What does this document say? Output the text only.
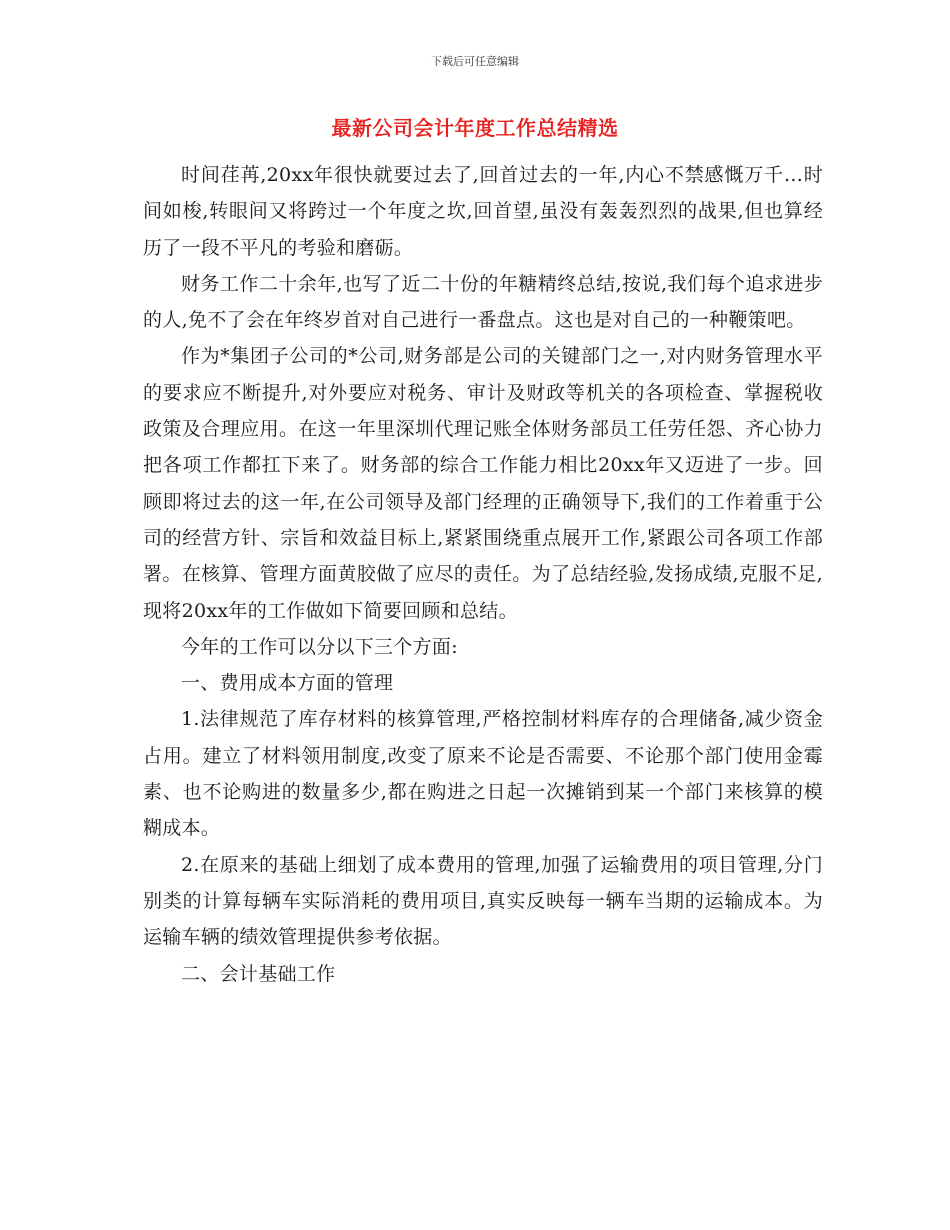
下载后可任意编辑
最新公司会计年度工作总结精选

时间荏苒,20xx年很快就要过去了,回首过去的一年,内心不禁感慨万千…时间如梭,转眼间又将跨过一个年度之坎,回首望,虽没有轰轰烈烈的战果,但也算经历了一段不平凡的考验和磨砺。

财务工作二十余年,也写了近二十份的年糖精终总结,按说,我们每个追求进步的人,免不了会在年终岁首对自己进行一番盘点。这也是对自己的一种鞭策吧。

作为*集团子公司的*公司,财务部是公司的关键部门之一,对内财务管理水平的要求应不断提升,对外要应对税务、审计及财政等机关的各项检查、掌握税收政策及合理应用。在这一年里深圳代理记账全体财务部员工任劳任怨、齐心协力把各项工作都扛下来了。财务部的综合工作能力相比20xx年又迈进了一步。回顾即将过去的这一年,在公司领导及部门经理的正确领导下,我们的工作着重于公司的经营方针、宗旨和效益目标上,紧紧围绕重点展开工作,紧跟公司各项工作部署。在核算、管理方面黄胶做了应尽的责任。为了总结经验,发扬成绩,克服不足,现将20xx年的工作做如下简要回顾和总结。

今年的工作可以分以下三个方面:

一、费用成本方面的管理

1.法律规范了库存材料的核算管理,严格控制材料库存的合理储备,减少资金占用。建立了材料领用制度,改变了原来不论是否需要、不论那个部门使用金霉素、也不论购进的数量多少,都在购进之日起一次摊销到某一个部门来核算的模糊成本。

2.在原来的基础上细划了成本费用的管理,加强了运输费用的项目管理,分门别类的计算每辆车实际消耗的费用项目,真实反映每一辆车当期的运输成本。为运输车辆的绩效管理提供参考依据。

二、会计基础工作
